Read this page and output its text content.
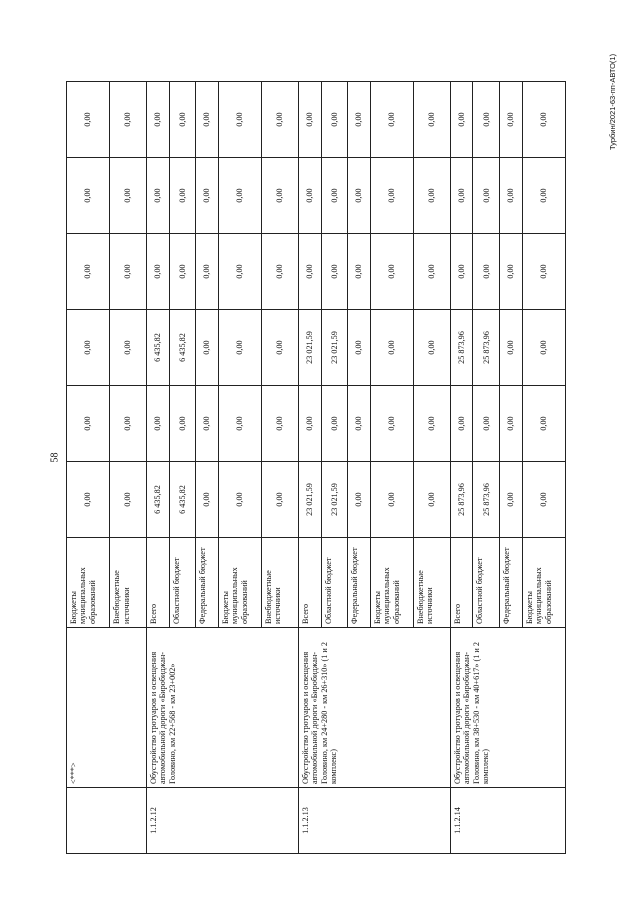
58
Турбин/2021-63-пп-АВТО(1)
	<***>	Бюджеты муниципальных образований	0,00	0,00	0,00	0,00	0,00	0,00
		Внебюджетные источники	0,00	0,00	0,00	0,00	0,00	0,00
1.1.2.12	Обустройство тротуаров и освещения автомобильной дороги «Биробиджан-Головино, км 22+568 - км 23+002»	Всего	6 435,82	0,00	6 435,82	0,00	0,00	0,00
		Областной бюджет	6 435,82	0,00	6 435,82	0,00	0,00	0,00
		Федеральный бюджет	0,00	0,00	0,00	0,00	0,00	0,00
		Бюджеты муниципальных образований	0,00	0,00	0,00	0,00	0,00	0,00
		Внебюджетные источники	0,00	0,00	0,00	0,00	0,00	0,00
1.1.2.13	Обустройство тротуаров и освещения автомобильной дороги «Биробиджан-Головино, км 24+280 - км 26+310» (1 и 2 комплекс)	Всего	23 021,59	0,00	23 021,59	0,00	0,00	0,00
		Областной бюджет	23 021,59	0,00	23 021,59	0,00	0,00	0,00
		Федеральный бюджет	0,00	0,00	0,00	0,00	0,00	0,00
		Бюджеты муниципальных образований	0,00	0,00	0,00	0,00	0,00	0,00
		Внебюджетные источники	0,00	0,00	0,00	0,00	0,00	0,00
1.1.2.14	Обустройство тротуаров и освещения автомобильной дороги «Биробиджан-Головино, км 38+530 - км 40+617» (1 и 2 комплекс)	Всего	25 873,96	0,00	25 873,96	0,00	0,00	0,00
		Областной бюджет	25 873,96	0,00	25 873,96	0,00	0,00	0,00
		Федеральный бюджет	0,00	0,00	0,00	0,00	0,00	0,00
		Бюджеты муниципальных образований	0,00	0,00	0,00	0,00	0,00	0,00
